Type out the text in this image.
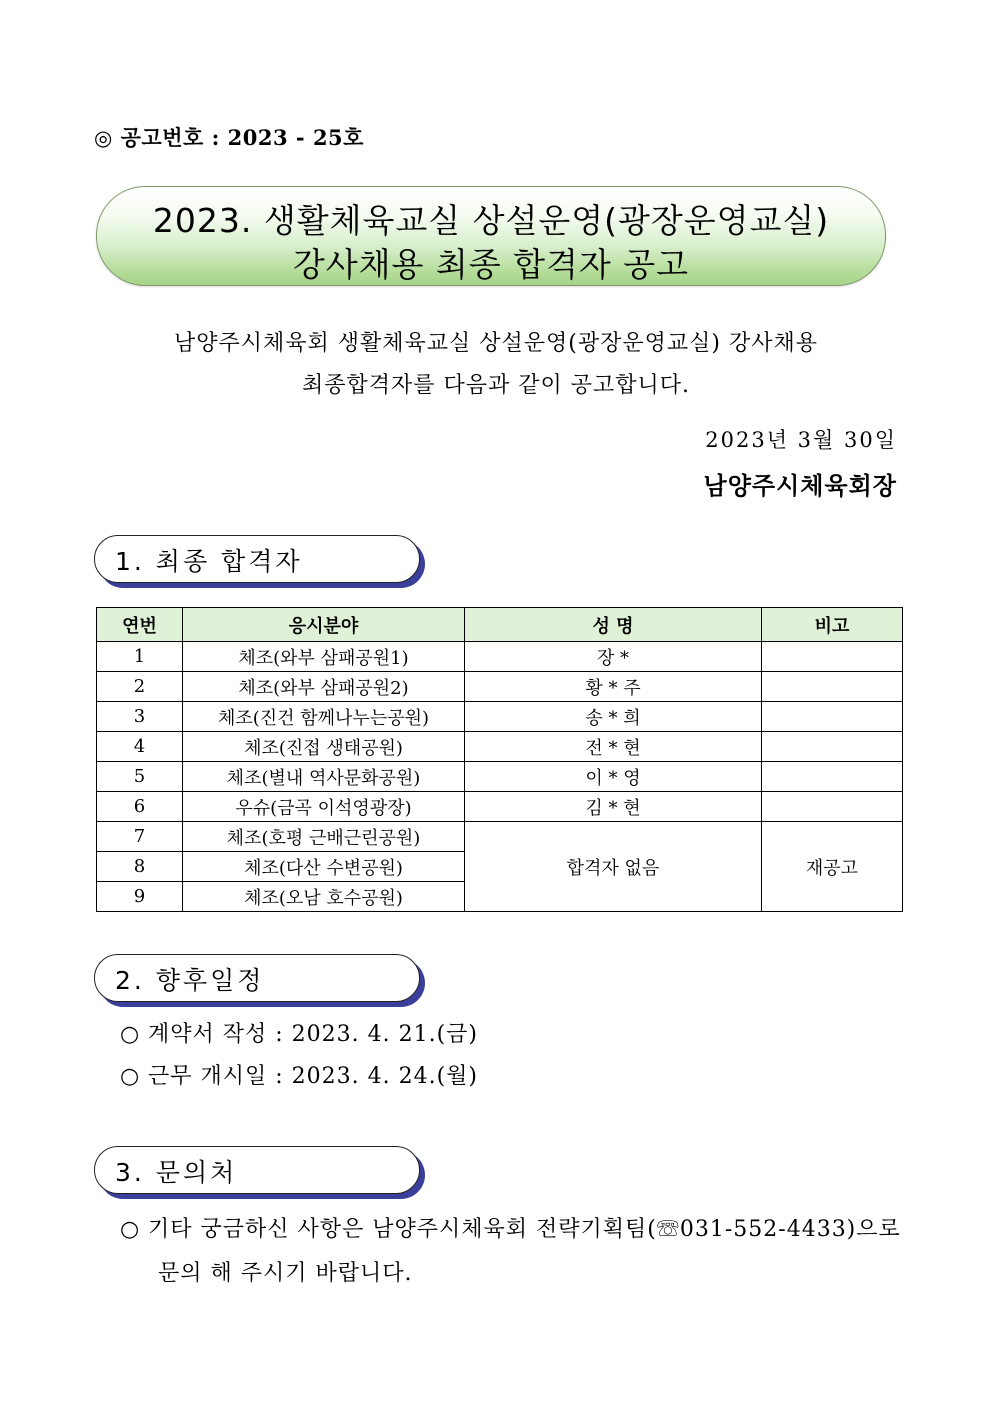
◎ 공고번호 : 2023 - 25호
2023. 생활체육교실 상설운영(광장운영교실)
강사채용 최종 합격자 공고
남양주시체육회 생활체육교실 상설운영(광장운영교실) 강사채용
최종합격자를 다음과 같이 공고합니다.
2023년 3월 30일
남양주시체육회장
1. 최종 합격자
연번	응시분야	성 명	비고
1	체조(와부 삼패공원1)	장 *	
2	체조(와부 삼패공원2)	황 * 주	
3	체조(진건 함께나누는공원)	송 * 희	
4	체조(진접 생태공원)	전 * 현	
5	체조(별내 역사문화공원)	이 * 영	
6	우슈(금곡 이석영광장)	김 * 현	
7	체조(호평 근배근린공원)	합격자 없음	재공고
8	체조(다산 수변공원)		
9	체조(오남 호수공원)		
2. 향후일정
○ 계약서 작성 : 2023. 4. 21.(금)
○ 근무 개시일 : 2023. 4. 24.(월)
3. 문의처
○ 기타 궁금하신 사항은 남양주시체육회 전략기획팀(☏031-552-4433)으로
문의 해 주시기 바랍니다.
